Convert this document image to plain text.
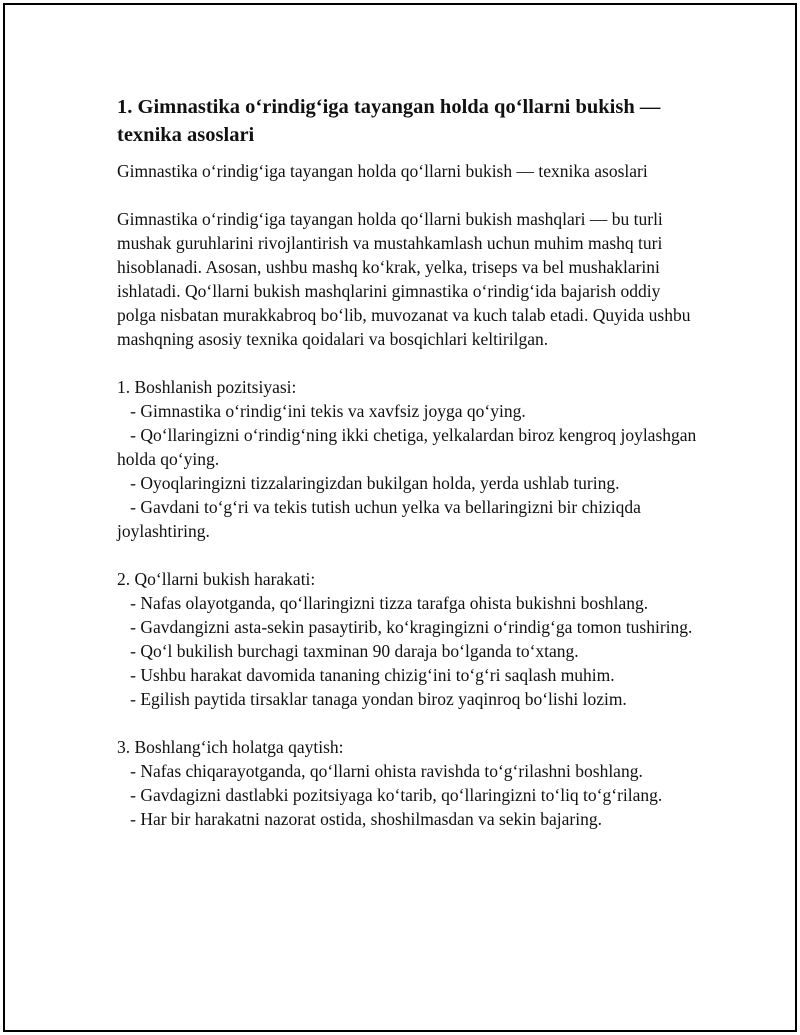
1. Gimnastika o‘rindig‘iga tayangan holda qo‘llarni bukish — texnika asoslari

Gimnastika o‘rindig‘iga tayangan holda qo‘llarni bukish — texnika asoslari

Gimnastika o‘rindig‘iga tayangan holda qo‘llarni bukish mashqlari — bu turli mushak guruhlarini rivojlantirish va mustahkamlash uchun muhim mashq turi hisoblanadi. Asosan, ushbu mashq ko‘krak, yelka, triseps va bel mushaklarini ishlatadi. Qo‘llarni bukish mashqlarini gimnastika o‘rindig‘ida bajarish oddiy polga nisbatan murakkabroq bo‘lib, muvozanat va kuch talab etadi. Quyida ushbu mashqning asosiy texnika qoidalari va bosqichlari keltirilgan.

1. Boshlanish pozitsiyasi:

- Gimnastika o‘rindig‘ini tekis va xavfsiz joyga qo‘ying.

- Qo‘llaringizni o‘rindig‘ning ikki chetiga, yelkalardan biroz kengroq joylashgan holda qo‘ying.

- Oyoqlaringizni tizzalaringizdan bukilgan holda, yerda ushlab turing.

- Gavdani to‘g‘ri va tekis tutish uchun yelka va bellaringizni bir chiziqda joylashtiring.

2. Qo‘llarni bukish harakati:

- Nafas olayotganda, qo‘llaringizni tizza tarafga ohista bukishni boshlang.

- Gavdangizni asta-sekin pasaytirib, ko‘kragingizni o‘rindig‘ga tomon tushiring.

- Qo‘l bukilish burchagi taxminan 90 daraja bo‘lganda to‘xtang.

- Ushbu harakat davomida tananing chizig‘ini to‘g‘ri saqlash muhim.

- Egilish paytida tirsaklar tanaga yondan biroz yaqinroq bo‘lishi lozim.

3. Boshlang‘ich holatga qaytish:

- Nafas chiqarayotganda, qo‘llarni ohista ravishda to‘g‘rilashni boshlang.

- Gavdagizni dastlabki pozitsiyaga ko‘tarib, qo‘llaringizni to‘liq to‘g‘rilang.

- Har bir harakatni nazorat ostida, shoshilmasdan va sekin bajaring.
